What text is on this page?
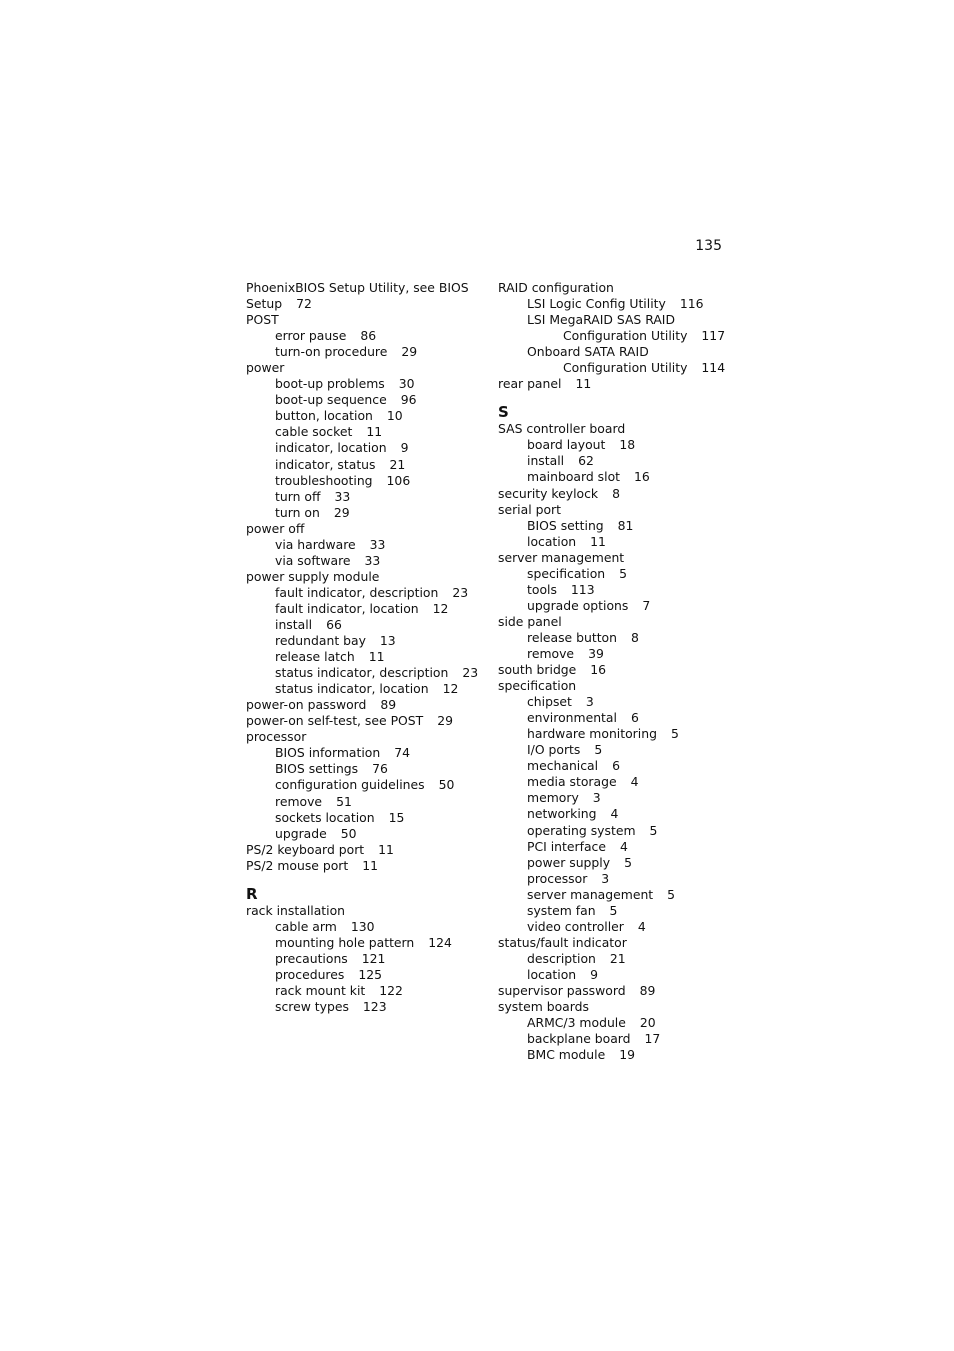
135
PhoenixBIOS Setup Utility, see BIOS
Setup 72
POST
error pause 86
turn-on procedure 29
power
boot-up problems 30
boot-up sequence 96
button, location 10
cable socket 11
indicator, location 9
indicator, status 21
troubleshooting 106
turn off 33
turn on 29
power off
via hardware 33
via software 33
power supply module
fault indicator, description 23
fault indicator, location 12
install 66
redundant bay 13
release latch 11
status indicator, description 23
status indicator, location 12
power-on password 89
power-on self-test, see POST 29
processor
BIOS information 74
BIOS settings 76
configuration guidelines 50
remove 51
sockets location 15
upgrade 50
PS/2 keyboard port 11
PS/2 mouse port 11
R
rack installation
cable arm 130
mounting hole pattern 124
precautions 121
procedures 125
rack mount kit 122
screw types 123
RAID configuration
LSI Logic Config Utility 116
LSI MegaRAID SAS RAID
Configuration Utility 117
Onboard SATA RAID
Configuration Utility 114
rear panel 11
S
SAS controller board
board layout 18
install 62
mainboard slot 16
security keylock 8
serial port
BIOS setting 81
location 11
server management
specification 5
tools 113
upgrade options 7
side panel
release button 8
remove 39
south bridge 16
specification
chipset 3
environmental 6
hardware monitoring 5
I/O ports 5
mechanical 6
media storage 4
memory 3
networking 4
operating system 5
PCI interface 4
power supply 5
processor 3
server management 5
system fan 5
video controller 4
status/fault indicator
description 21
location 9
supervisor password 89
system boards
ARMC/3 module 20
backplane board 17
BMC module 19
